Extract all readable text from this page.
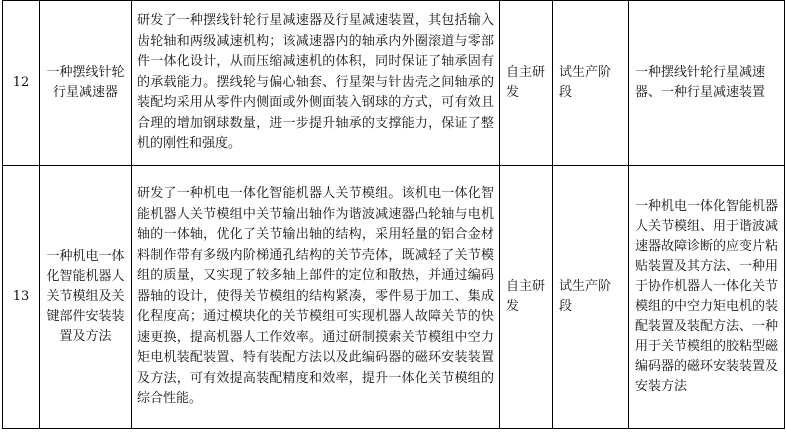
12	一种摆线针轮行星减速器	研发了一种摆线针轮行星减速器及行星减速装置，其包括输入齿轮轴和两级减速机构；该减速器内的轴承内外圈滚道与零部件一体化设计，从而压缩减速机的体积，同时保证了轴承固有的承载能力。摆线轮与偏心轴套、行星架与针齿壳之间轴承的装配均采用从零件内侧面或外侧面装入钢球的方式，可有效且合理的增加钢球数量，进一步提升轴承的支撑能力，保证了整机的刚性和强度。	自主研发	试生产阶段	一种摆线针轮行星减速器、一种行星减速装置
13	一种机电一体化智能机器人关节模组及关键部件安装装置及方法	研发了一种机电一体化智能机器人关节模组。该机电一体化智能机器人关节模组中关节输出轴作为谐波减速器凸轮轴与电机轴的一体轴，优化了关节输出轴的结构，采用轻量的铝合金材料制作带有多级内阶梯通孔结构的关节壳体，既减轻了关节模组的质量，又实现了较多轴上部件的定位和散热，并通过编码器轴的设计，使得关节模组的结构紧凑，零件易于加工、集成化程度高；通过模块化的关节模组可实现机器人故障关节的快速更换，提高机器人工作效率。通过研制摸索关节模组中空力矩电机装配装置、特有装配方法以及此编码器的磁环安装装置及方法，可有效提高装配精度和效率，提升一体化关节模组的综合性能。	自主研发	试生产阶段	一种机电一体化智能机器人关节模组、用于谐波减速器故障诊断的应变片粘贴装置及其方法、一种用于协作机器人一体化关节模组的中空力矩电机的装配装置及装配方法、一种用于关节模组的胶粘型磁编码器的磁环安装装置及安装方法
